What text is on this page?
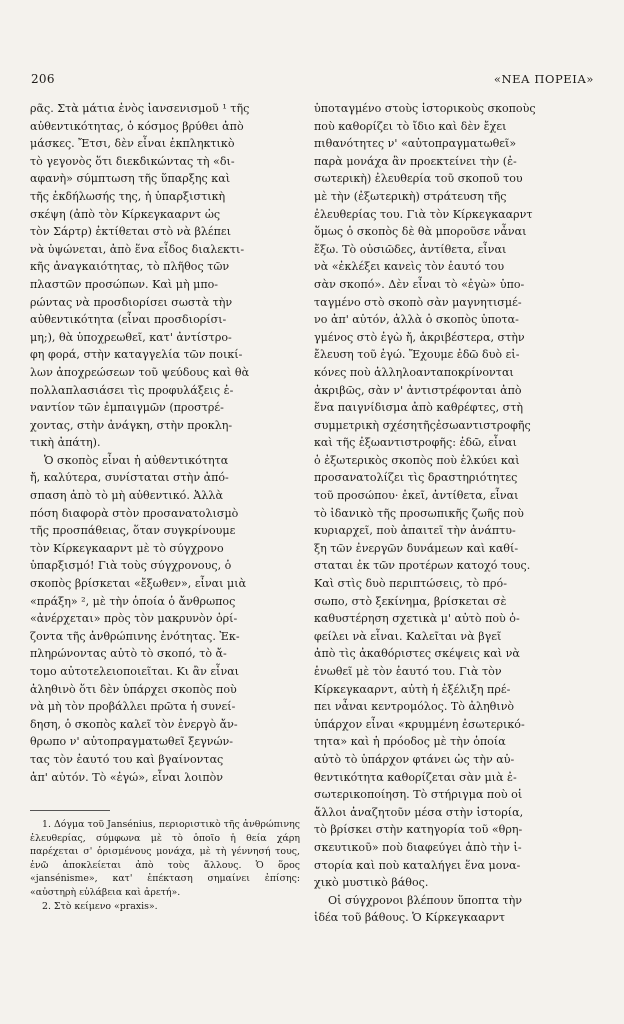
206	«ΝΕΑ ΠΟΡΕΙΑ»
ρᾶς. Στὰ μάτια ἑνὸς ἰανσενισμοῦ ¹ τῆς
αὐθεντικότητας, ὁ κόσμος βρύθει ἀπὸ
μάσκες. Ἔτσι, δὲν εἶναι ἐκπληκτικὸ
τὸ γεγονὸς ὅτι διεκδικώντας τὴ «δι-
αφανὴ» σύμπτωση τῆς ὕπαρξης καὶ
τῆς ἐκδήλωσής της, ἡ ὑπαρξιστικὴ
σκέψη (ἀπὸ τὸν Κίρκεγκααρντ ὡς
τὸν Σάρτρ) ἐκτίθεται στὸ νὰ βλέπει
νὰ ὑψώνεται, ἀπὸ ἕνα εἶδος διαλεκτι-
κῆς ἀναγκαιότητας, τὸ πλῆθος τῶν
πλαστῶν προσώπων. Καὶ μὴ μπο-
ρώντας νὰ προσδιορίσει σωστὰ τὴν
αὐθεντικότητα (εἶναι προσδιορίσι-
μη;), θὰ ὑποχρεωθεῖ, κατ' ἀντίστρο-
φη φορά, στὴν καταγγελία τῶν ποικί-
λων ἀποχρεώσεων τοῦ ψεύδους καὶ θὰ
πολλαπλασιάσει τὶς προφυλάξεις ἐ-
ναντίον τῶν ἐμπαιγμῶν (προστρέ-
χοντας, στὴν ἀνάγκη, στὴν προκλη-
τικὴ ἀπάτη).
Ὁ σκοπὸς εἶναι ἡ αὐθεντικότητα
ἤ, καλύτερα, συνίσταται στὴν ἀπό-
σπαση ἀπὸ τὸ μὴ αὐθεντικό. Ἀλλὰ
πόση διαφορὰ στὸν προσανατολισμὸ
τῆς προσπάθειας, ὅταν συγκρίνουμε
τὸν Κίρκεγκααρντ μὲ τὸ σύγχρονο
ὑπαρξισμό! Γιὰ τοὺς σύγχρονους, ὁ
σκοπὸς βρίσκεται «ἔξωθεν», εἶναι μιὰ
«πράξη» ², μὲ τὴν ὁποία ὁ ἄνθρωπος
«ἀνέρχεται» πρὸς τὸν μακρυνὸν ὁρί-
ζοντα τῆς ἀνθρώπινης ἑνότητας. Ἐκ-
πληρώνοντας αὐτὸ τὸ σκοπό, τὸ ἄ-
τομο αὐτοτελειοποιεῖται. Κι ἂν εἶναι
ἀληθινὸ ὅτι δὲν ὑπάρχει σκοπὸς ποὺ
νὰ μὴ τὸν προβάλλει πρῶτα ἡ συνεί-
δηση, ὁ σκοπὸς καλεῖ τὸν ἐνεργὸ ἄν-
θρωπο ν' αὐτοπραγματωθεῖ ξεγνών-
τας τὸν ἑαυτό του καὶ βγαίνοντας
ἀπ' αὐτόν. Τὸ «ἐγώ», εἶναι λοιπὸν

1. Δόγμα τοῦ Jansénius, περιοριστικὸ τῆς ἀνθρώπινης ἐλευθερίας, σύμφωνα μὲ τὸ ὁποῖο ἡ θεία χάρη παρέχεται σ' ὁρισμένους μονάχα, μὲ τὴ γέννησή τους, ἐνῶ ἀποκλείεται ἀπὸ τοὺς ἄλλους. Ὁ ὅρος «jansénisme», κατ' ἐπέκταση σημαίνει ἐπίσης: «αὐστηρὴ εὐλάβεια καὶ ἀρετή».

2. Στὸ κείμενο «praxis».

ὑποταγμένο στοὺς ἱστορικοὺς σκοποὺς
ποὺ καθορίζει τὸ ἴδιο καὶ δὲν ἔχει
πιθανότητες ν' «αὐτοπραγματωθεῖ»
παρὰ μονάχα ἂν προεκτείνει τὴν (ἐ-
σωτερικὴ) ἐλευθερία τοῦ σκοποῦ του
μὲ τὴν (ἐξωτερικὴ) στράτευση τῆς
ἐλευθερίας του. Γιὰ τὸν Κίρκεγκααρντ
ὅμως ὁ σκοπὸς δὲ θὰ μποροῦσε νἆναι
ἔξω. Τὸ οὐσιῶδες, ἀντίθετα, εἶναι
νὰ «ἐκλέξει κανεὶς τὸν ἑαυτό του
σὰν σκοπό». Δὲν εἶναι τὸ «ἐγὼ» ὑπο-
ταγμένο στὸ σκοπὸ σὰν μαγνητισμέ-
νο ἀπ' αὐτόν, ἀλλὰ ὁ σκοπὸς ὑποτα-
γμένος στὸ ἐγὼ ἤ, ἀκριβέστερα, στὴν
ἔλευση τοῦ ἐγώ. Ἔχουμε ἐδῶ δυὸ εἰ-
κόνες ποὺ ἀλληλοανταποκρίνονται
ἀκριβῶς, σὰν ν' ἀντιστρέφονται ἀπὸ
ἕνα παιγνίδισμα ἀπὸ καθρέφτες, στὴ
συμμετρικὴ σχέσητῆςἐσωαντιστροφῆς
καὶ τῆς ἐξωαντιστροφῆς: ἐδῶ, εἶναι
ὁ ἐξωτερικὸς σκοπὸς ποὺ ἑλκύει καὶ
προσανατολίζει τὶς δραστηριότητες
τοῦ προσώπου· ἐκεῖ, ἀντίθετα, εἶναι
τὸ ἰδανικὸ τῆς προσωπικῆς ζωῆς ποὺ
κυριαρχεῖ, ποὺ ἀπαιτεῖ τὴν ἀνάπτυ-
ξη τῶν ἐνεργῶν δυνάμεων καὶ καθί-
σταται ἐκ τῶν προτέρων κατοχό τους.
Καὶ στὶς δυὸ περιπτώσεις, τὸ πρό-
σωπο, στὸ ξεκίνημα, βρίσκεται σὲ
καθυστέρηση σχετικὰ μ' αὐτὸ ποὺ ὀ-
φείλει νὰ εἶναι. Καλεῖται νὰ βγεῖ
ἀπὸ τὶς ἀκαθόριστες σκέψεις καὶ νὰ
ἑνωθεῖ μὲ τὸν ἑαυτό του. Γιὰ τὸν
Κίρκεγκααρντ, αὐτὴ ἡ ἐξέλιξη πρέ-
πει νἆναι κεντρομόλος. Τὸ ἀληθινὸ
ὑπάρχον εἶναι «κρυμμένη ἐσωτερικό-
τητα» καὶ ἡ πρόοδος μὲ τὴν ὁποία
αὐτὸ τὸ ὑπάρχον φτάνει ὡς τὴν αὐ-
θεντικότητα καθορίζεται σὰν μιὰ ἐ-
σωτερικοποίηση. Τὸ στήριγμα ποὺ οἱ
ἄλλοι ἀναζητοῦν μέσα στὴν ἱστορία,
τὸ βρίσκει στὴν κατηγορία τοῦ «θρη-
σκευτικοῦ» ποὺ διαφεύγει ἀπὸ τὴν ἱ-
στορία καὶ ποὺ καταλήγει ἕνα μονα-
χικὸ μυστικὸ βάθος.
Οἱ σύγχρονοι βλέπουν ὕποπτα τὴν
ἰδέα τοῦ βάθους. Ὁ Κίρκεγκααρντ
